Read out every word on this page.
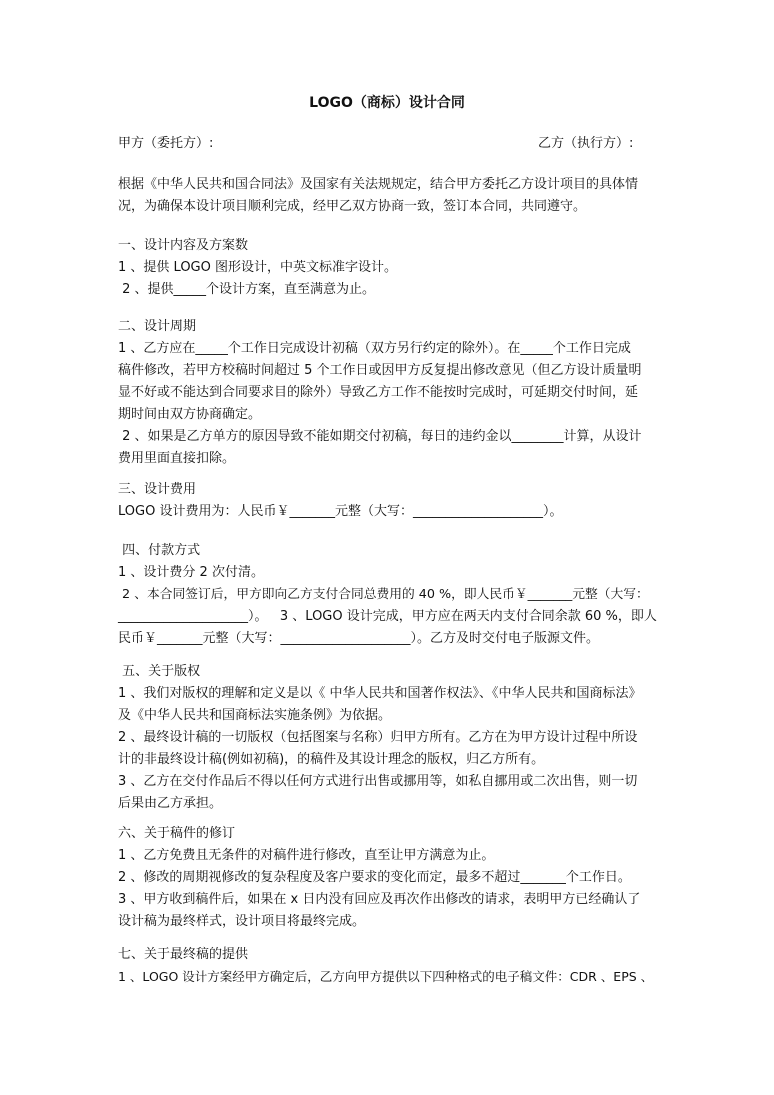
LOGO（商标）设计合同
甲方（委托方）:	乙方（执行方）:

根据《中华人民共和国合同法》及国家有关法规规定，结合甲方委托乙方设计项目的具体情

况，为确保本设计项目顺利完成，经甲乙双方协商一致，签订本合同，共同遵守。

一、设计内容及方案数

1 、提供 LOGO 图形设计，中英文标准字设计。

2 、提供_____个设计方案，直至满意为止。

二、设计周期

1 、乙方应在_____个工作日完成设计初稿（双方另行约定的除外）。在_____个工作日完成

稿件修改，若甲方校稿时间超过 5 个工作日或因甲方反复提出修改意见（但乙方设计质量明

显不好或不能达到合同要求目的除外）导致乙方工作不能按时完成时，可延期交付时间，延

期时间由双方协商确定。

2 、如果是乙方单方的原因导致不能如期交付初稿，每日的违约金以________计算，从设计

费用里面直接扣除。

三、设计费用

LOGO 设计费用为：人民币￥_______元整（大写：____________________）。

四、付款方式

1 、设计费分 2 次付清。

2 、本合同签订后，甲方即向乙方支付合同总费用的 40 %，即人民币￥_______元整（大写：

____________________）。   3 、LOGO 设计完成，甲方应在两天内支付合同余款 60 %，即人

民币￥_______元整（大写：____________________）。乙方及时交付电子版源文件。

五、关于版权

1 、我们对版权的理解和定义是以《 中华人民共和国著作权法》、《中华人民共和国商标法》

及《中华人民共和国商标法实施条例》为依据。

2 、最终设计稿的一切版权（包括图案与名称）归甲方所有。乙方在为甲方设计过程中所设

计的非最终设计稿(例如初稿)，的稿件及其设计理念的版权，归乙方所有。

3 、乙方在交付作品后不得以任何方式进行出售或挪用等，如私自挪用或二次出售，则一切

后果由乙方承担。

六、关于稿件的修订

1 、乙方免费且无条件的对稿件进行修改，直至让甲方满意为止。

2 、修改的周期视修改的复杂程度及客户要求的变化而定，最多不超过_______个工作日。

3 、甲方收到稿件后，如果在 x 日内没有回应及再次作出修改的请求，表明甲方已经确认了

设计稿为最终样式，设计项目将最终完成。

七、关于最终稿的提供

1 、LOGO 设计方案经甲方确定后，乙方向甲方提供以下四种格式的电子稿文件：CDR 、EPS 、
